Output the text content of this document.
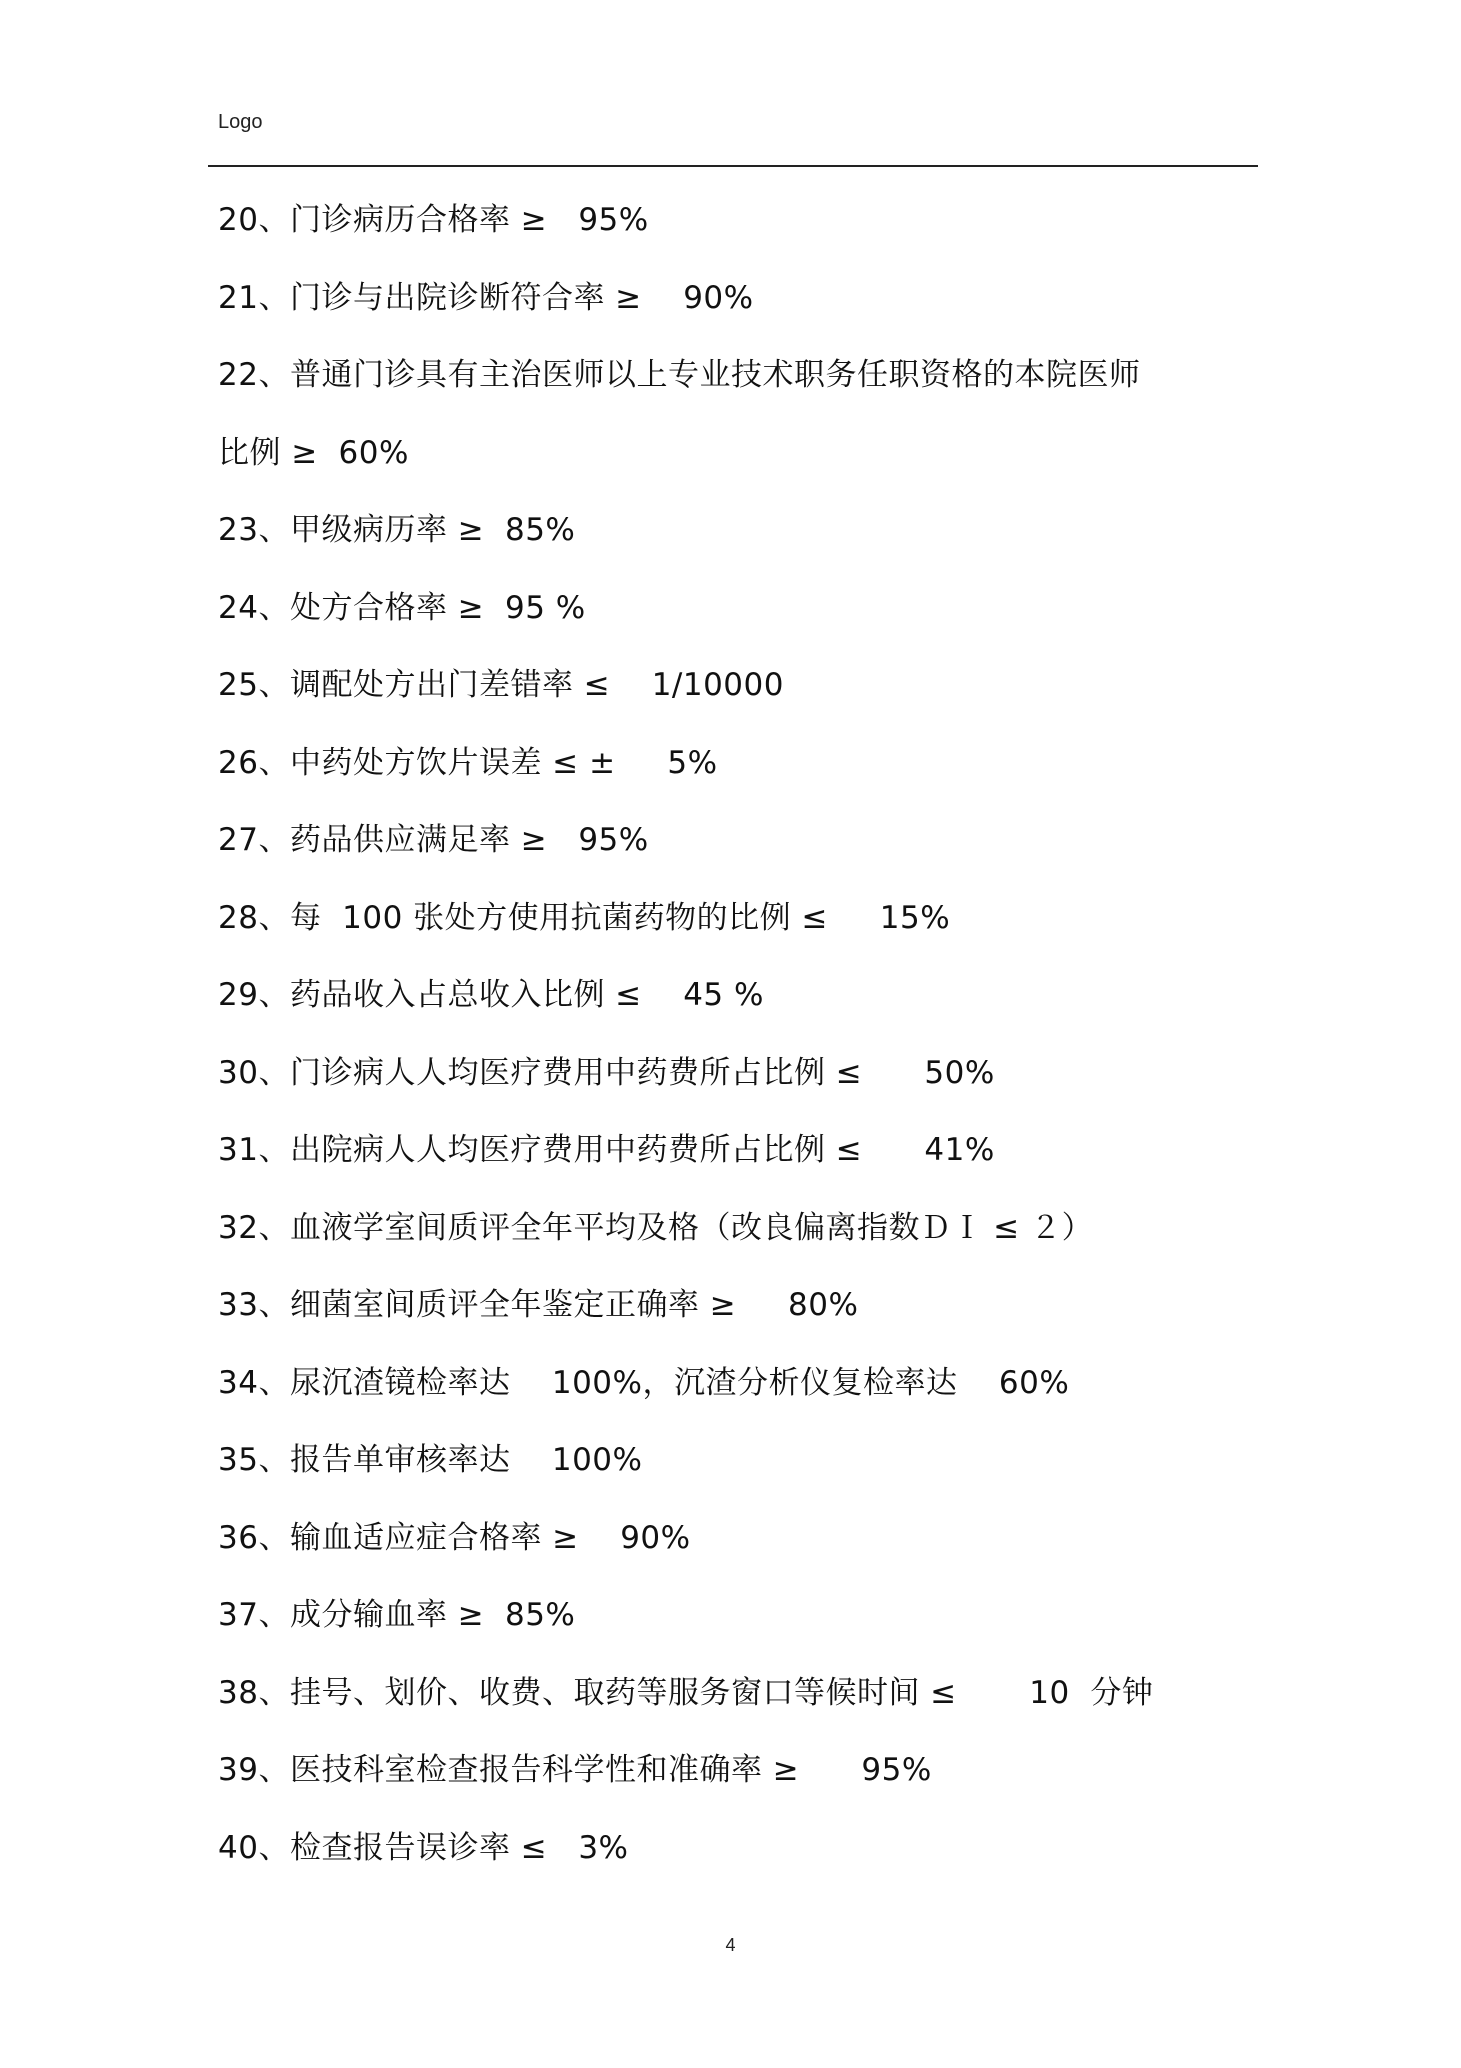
Logo
20、门诊病历合格率 ≥   95%
21、门诊与出院诊断符合率 ≥    90%
22、普通门诊具有主治医师以上专业技术职务任职资格的本院医师
比例 ≥  60%
23、甲级病历率 ≥  85%
24、处方合格率 ≥  95 %
25、调配处方出门差错率 ≤    1/10000
26、中药处方饮片误差 ≤ ±     5%
27、药品供应满足率 ≥   95%
28、每  100 张处方使用抗菌药物的比例 ≤     15%
29、药品收入占总收入比例 ≤    45 %
30、门诊病人人均医疗费用中药费所占比例 ≤      50%
31、出院病人人均医疗费用中药费所占比例 ≤      41%
32、血液学室间质评全年平均及格（改良偏离指数ＤＩ ≤ ２）
33、细菌室间质评全年鉴定正确率 ≥     80%
34、尿沉渣镜检率达    100%，沉渣分析仪复检率达    60%
35、报告单审核率达    100%
36、输血适应症合格率 ≥    90%
37、成分输血率 ≥  85%
38、挂号、划价、收费、取药等服务窗口等候时间 ≤       10  分钟
39、医技科室检查报告科学性和准确率 ≥      95%
40、检查报告误诊率 ≤   3%
4
